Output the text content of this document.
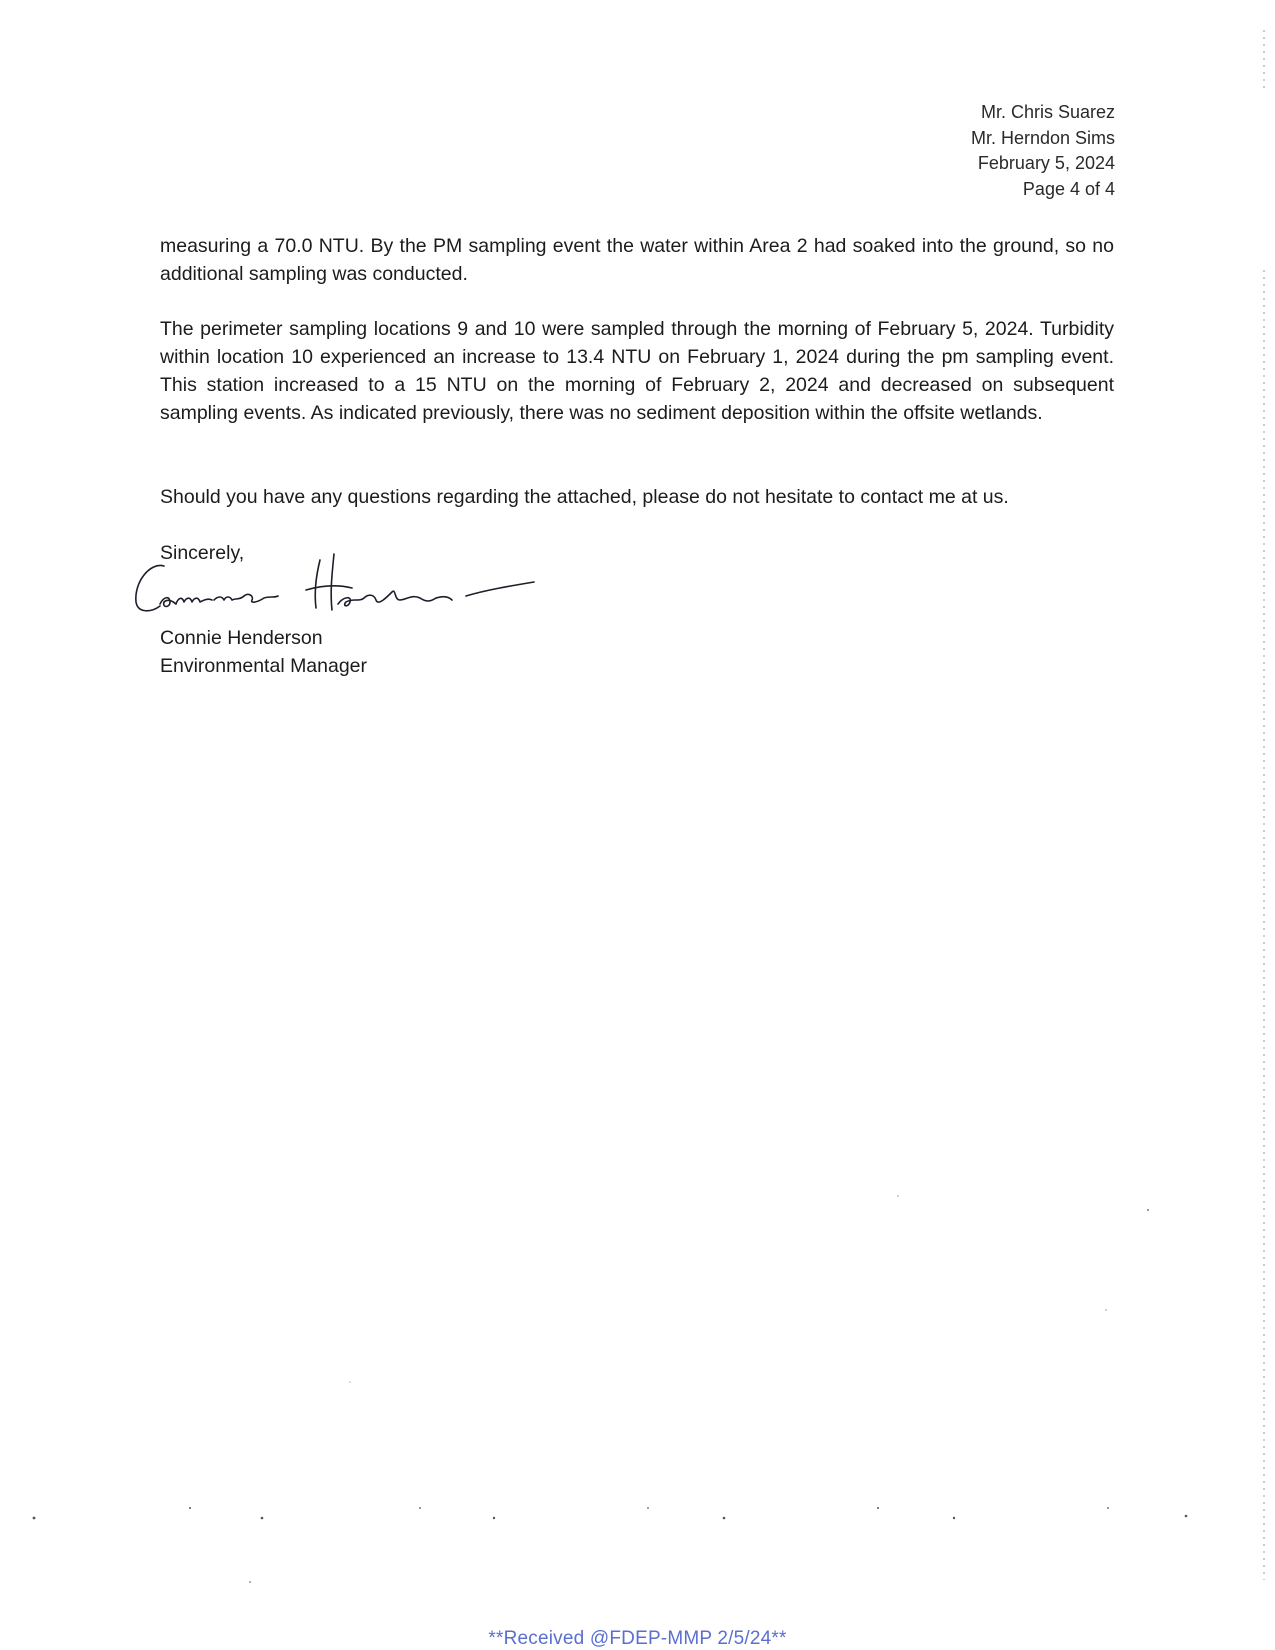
Mr. Chris Suarez
Mr. Herndon Sims
February 5, 2024
Page 4 of 4

measuring a 70.0 NTU. By the PM sampling event the water within Area 2 had soaked into the ground, so no additional sampling was conducted.

The perimeter sampling locations 9 and 10 were sampled through the morning of February 5, 2024. Turbidity within location 10 experienced an increase to 13.4 NTU on February 1, 2024 during the pm sampling event. This station increased to a 15 NTU on the morning of February 2, 2024 and decreased on subsequent sampling events. As indicated previously, there was no sediment deposition within the offsite wetlands.

Should you have any questions regarding the attached, please do not hesitate to contact me at us.

Sincerely,
Connie Henderson
Environmental Manager
**Received @FDEP-MMP 2/5/24**
